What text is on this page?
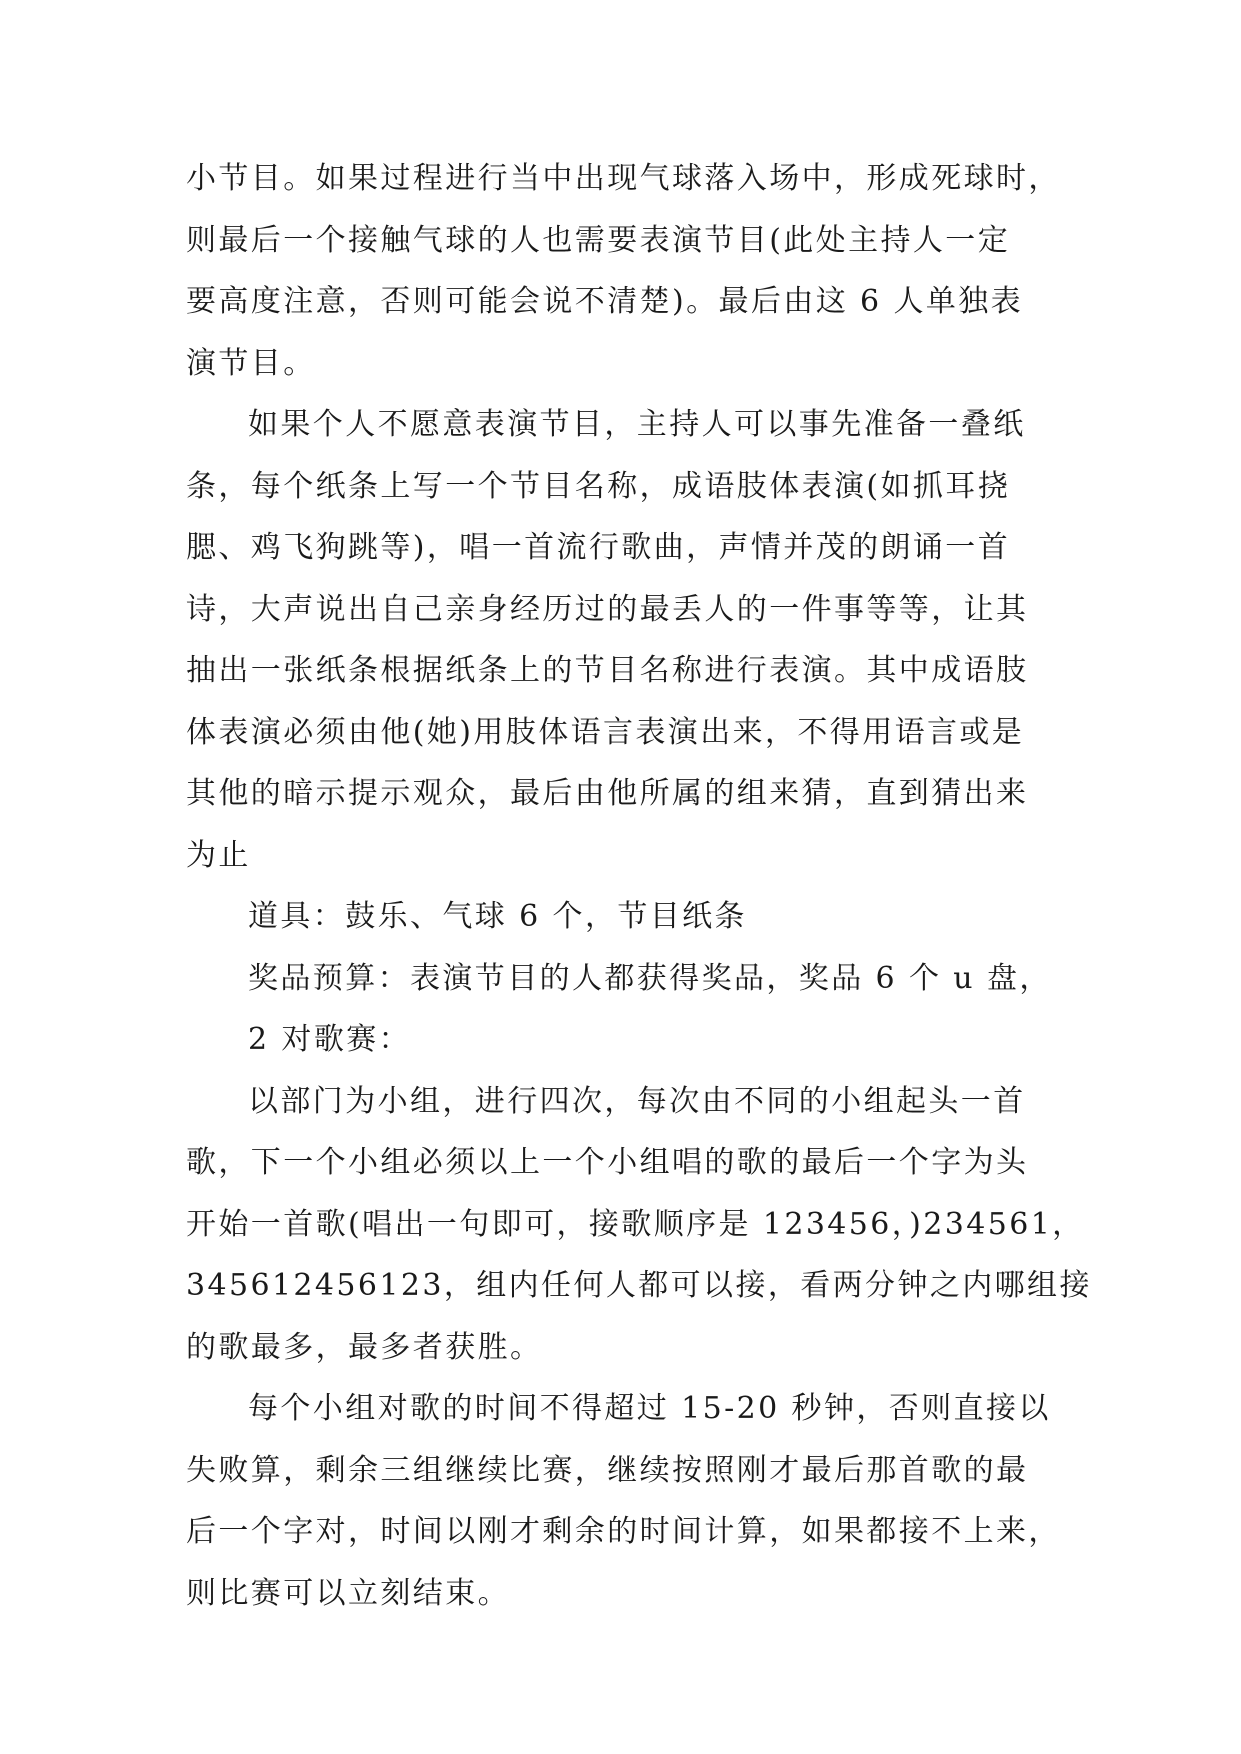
小节目。如果过程进行当中出现气球落入场中，形成死球时，
则最后一个接触气球的人也需要表演节目(此处主持人一定
要高度注意，否则可能会说不清楚)。最后由这 6 人单独表
演节目。

如果个人不愿意表演节目，主持人可以事先准备一叠纸
条，每个纸条上写一个节目名称，成语肢体表演(如抓耳挠
腮、鸡飞狗跳等)，唱一首流行歌曲，声情并茂的朗诵一首
诗，大声说出自己亲身经历过的最丢人的一件事等等，让其
抽出一张纸条根据纸条上的节目名称进行表演。其中成语肢
体表演必须由他(她)用肢体语言表演出来，不得用语言或是
其他的暗示提示观众，最后由他所属的组来猜，直到猜出来
为止

道具：鼓乐、气球 6 个，节目纸条

奖品预算：表演节目的人都获得奖品，奖品 6 个 u 盘，

2 对歌赛：

以部门为小组，进行四次，每次由不同的小组起头一首
歌，下一个小组必须以上一个小组唱的歌的最后一个字为头
开始一首歌(唱出一句即可，接歌顺序是 123456，)234561，
345612456123，组内任何人都可以接，看两分钟之内哪组接
的歌最多，最多者获胜。

每个小组对歌的时间不得超过 15-20 秒钟，否则直接以
失败算，剩余三组继续比赛，继续按照刚才最后那首歌的最
后一个字对，时间以刚才剩余的时间计算，如果都接不上来，
则比赛可以立刻结束。
